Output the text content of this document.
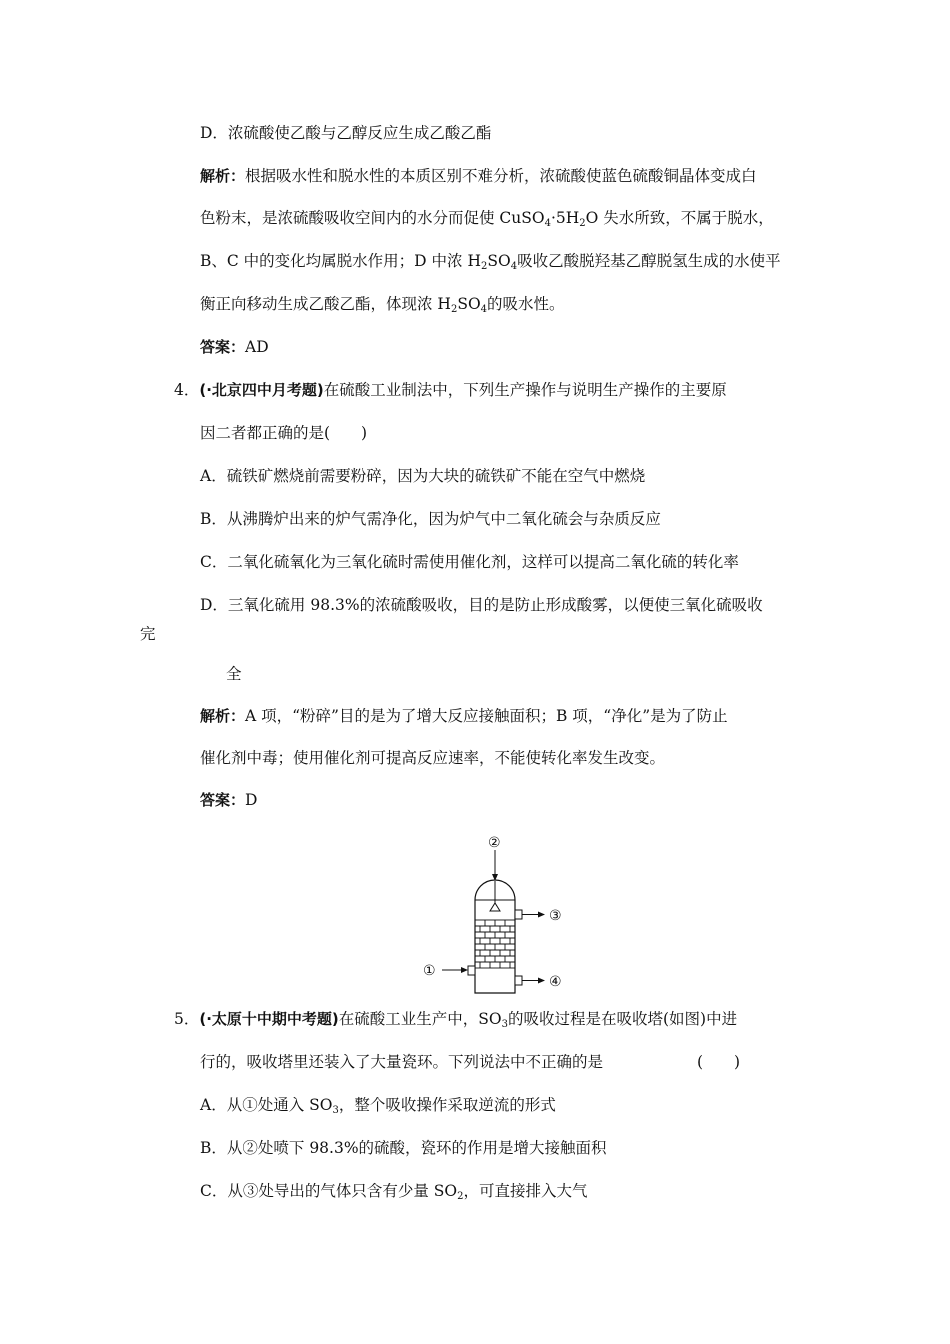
D．浓硫酸使乙酸与乙醇反应生成乙酸乙酯
解析：根据吸水性和脱水性的本质区别不难分析，浓硫酸使蓝色硫酸铜晶体变成白
色粉末，是浓硫酸吸收空间内的水分而促使 $CuSO_4\cdot 5H_2O$ 失水所致，不属于脱水，
B、C 中的变化均属脱水作用；D 中浓 $H_2SO_4$吸收乙酸脱羟基乙醇脱氢生成的水使平
衡正向移动生成乙酸乙酯，体现浓 $H_2SO_4$的吸水性。
答案：AD
4．(·北京四中月考题)在硫酸工业制法中，下列生产操作与说明生产操作的主要原
因二者都正确的是(　　)
A．硫铁矿燃烧前需要粉碎，因为大块的硫铁矿不能在空气中燃烧
B．从沸腾炉出来的炉气需净化，因为炉气中二氧化硫会与杂质反应
C．二氧化硫氧化为三氧化硫时需使用催化剂，这样可以提高二氧化硫的转化率
D．三氧化硫用 98.3%的浓硫酸吸收，目的是防止形成酸雾，以便使三氧化硫吸收
完
全
解析：A 项，“粉碎”目的是为了增大反应接触面积；B 项，“净化”是为了防止
催化剂中毒；使用催化剂可提高反应速率，不能使转化率发生改变。
答案：D
②
③
①
④
5．(·太原十中期中考题)在硫酸工业生产中，$SO_3$的吸收过程是在吸收塔(如图)中进
行的，吸收塔里还装入了大量瓷环。下列说法中不正确的是	(　　)
A．从①处通入 $SO_3$，整个吸收操作采取逆流的形式
B．从②处喷下 98.3%的硫酸，瓷环的作用是增大接触面积
C．从③处导出的气体只含有少量 $SO_2$，可直接排入大气
